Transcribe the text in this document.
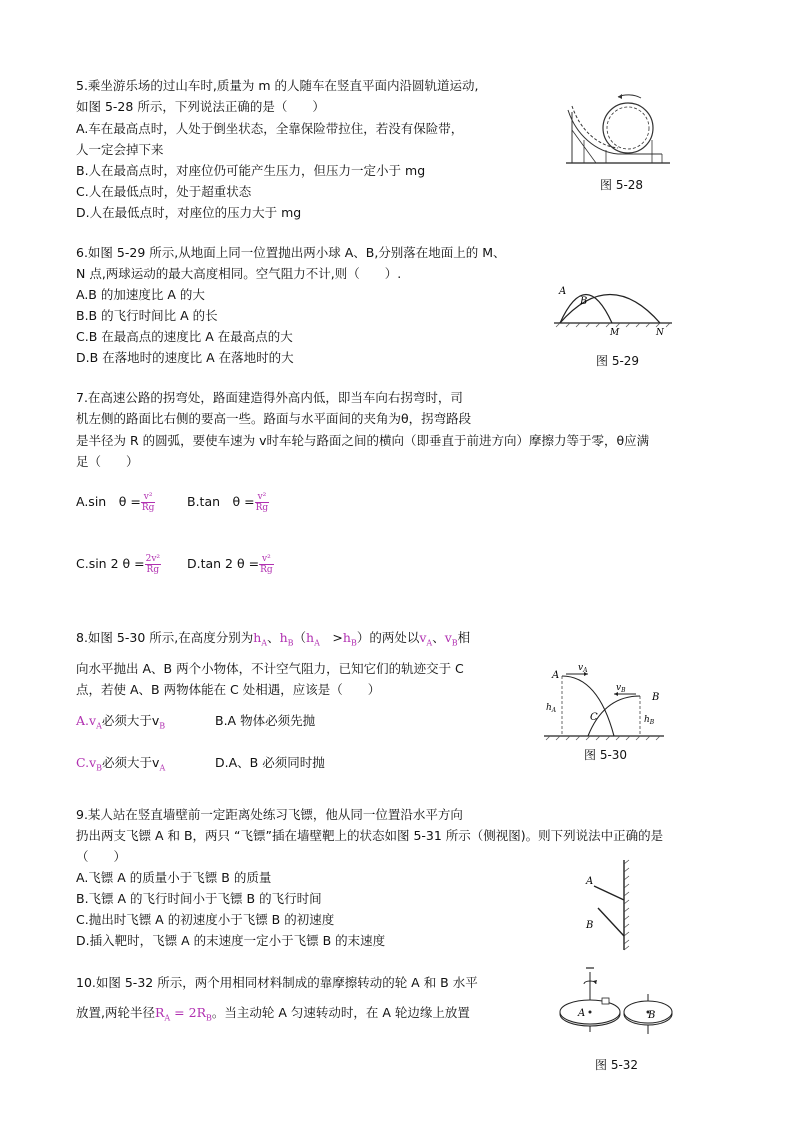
5.乘坐游乐场的过山车时,质量为 m 的人随车在竖直平面内沿圆轨道运动,
如图 5-28 所示，下列说法正确的是（　　）
A.车在最高点时，人处于倒坐状态，全靠保险带拉住，若没有保险带，
人一定会掉下来
B.人在最高点时，对座位仍可能产生压力，但压力一定小于 mg
C.人在最低点时，处于超重状态
D.人在最低点时，对座位的压力大于 mg
图 5-28
6.如图 5-29 所示,从地面上同一位置抛出两小球 A、B,分别落在地面上的 M、
N 点,两球运动的最大高度相同。空气阻力不计,则（　　）.
A.B 的加速度比 A 的大
B.B 的飞行时间比 A 的长
C.B 在最高点的速度比 A 在最高点的大
D.B 在落地时的速度比 A 在落地时的大
A
B
M	N
图 5-29
7.在高速公路的拐弯处，路面建造得外高内低，即当车向右拐弯时，司
机左侧的路面比右侧的要高一些。路面与水平面间的夹角为θ，拐弯路段
是半径为 R 的圆弧，要使车速为 v时车轮与路面之间的横向（即垂直于前进方向）摩擦力等于零，θ应满
足（　　）
A.sin　$\theta = \frac{\text{v²}}{Rg}$	B.tan　$\theta = \frac{\text{v²}}{Rg}$
C.sin 2 $\theta = \frac{\text{2v²}}{Rg} D.\tan$ 2 $\theta = \frac{\text{v²}}{Rg}$
8.如图 5-30 所示,在高度分别为$h_A$、$h_B(h_A$　$>h_B$）的两处以$v_A$、$v_B$相
向水平抛出 A、B 两个小物体，不计空气阻力，已知它们的轨迹交于 C
点，若使 A、B 两物体能在 C 处相遇，应该是（　　）
$A.v_A$必须大于$v_B$	B.A 物体必须先抛
$C.v_B$必须大于$v_A$	D.A、B 必须同时抛
A
B
C
$v_A$
$v_B$
$h_A$
$h_B$
图 5-30
9.某人站在竖直墙壁前一定距离处练习飞镖，他从同一位置沿水平方向
扔出两支飞镖 A 和 B，两只 “飞镖”插在墙壁靶上的状态如图 5-31 所示（侧视图)。则下列说法中正确的是
（　　）
A.飞镖 A 的质量小于飞镖 B 的质量
B.飞镖 A 的飞行时间小于飞镖 B 的飞行时间
C.抛出时飞镖 A 的初速度小于飞镖 B 的初速度
D.插入靶时，飞镖 A 的末速度一定小于飞镖 B 的末速度
A
B
10.如图 5-32 所示，两个用相同材料制成的靠摩擦转动的轮 A 和 B 水平
放置,两轮半径$R_A = 2R_B$。当主动轮 A 匀速转动时，在 A 轮边缘上放置	A	B
图 5-32
